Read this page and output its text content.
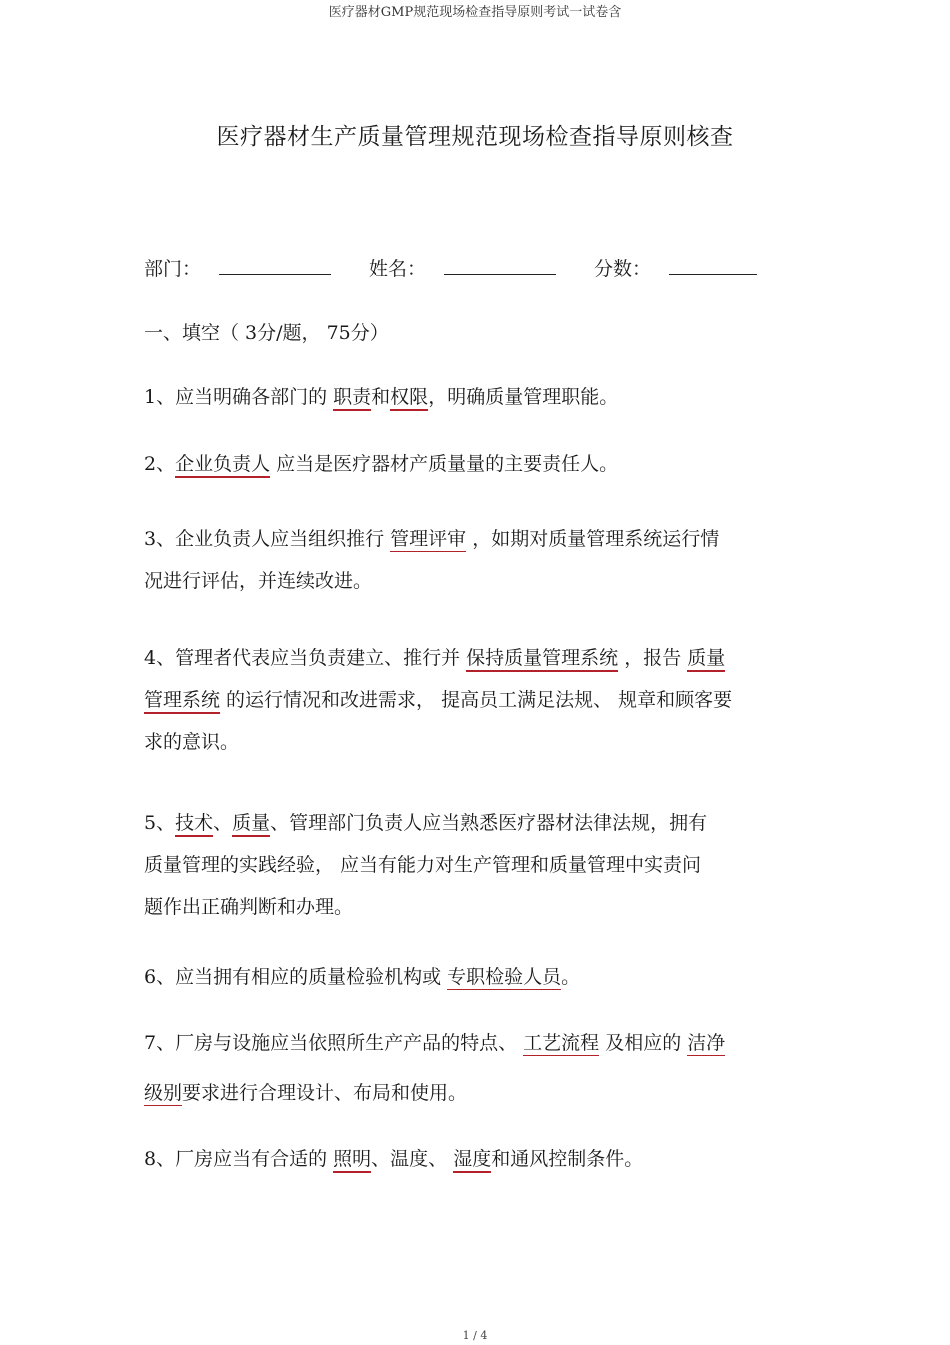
医疗器材GMP规范现场检查指导原则考试一试卷含
医疗器材生产质量管理规范现场检查指导原则核查
部门：	姓名：	分数：
一、填空（ 3分/题， 75分）
1、应当明确各部门的 职责和权限，明确质量管理职能。
2、企业负责人 应当是医疗器材产质量量的主要责任人。
3、企业负责人应当组织推行 管理评审 ，如期对质量管理系统运行情
况进行评估，并连续改进。
4、管理者代表应当负责建立、推行并 保持质量管理系统 ，报告 质量
管理系统 的运行情况和改进需求， 提高员工满足法规、 规章和顾客要
求的意识。
5、技术、质量、管理部门负责人应当熟悉医疗器材法律法规，拥有
质量管理的实践经验， 应当有能力对生产管理和质量管理中实责问
题作出正确判断和办理。
6、应当拥有相应的质量检验机构或 专职检验人员。
7、厂房与设施应当依照所生产产品的特点、 工艺流程 及相应的 洁净
级别要求进行合理设计、布局和使用。
8、厂房应当有合适的 照明、温度、 湿度和通风控制条件。
1 / 4
